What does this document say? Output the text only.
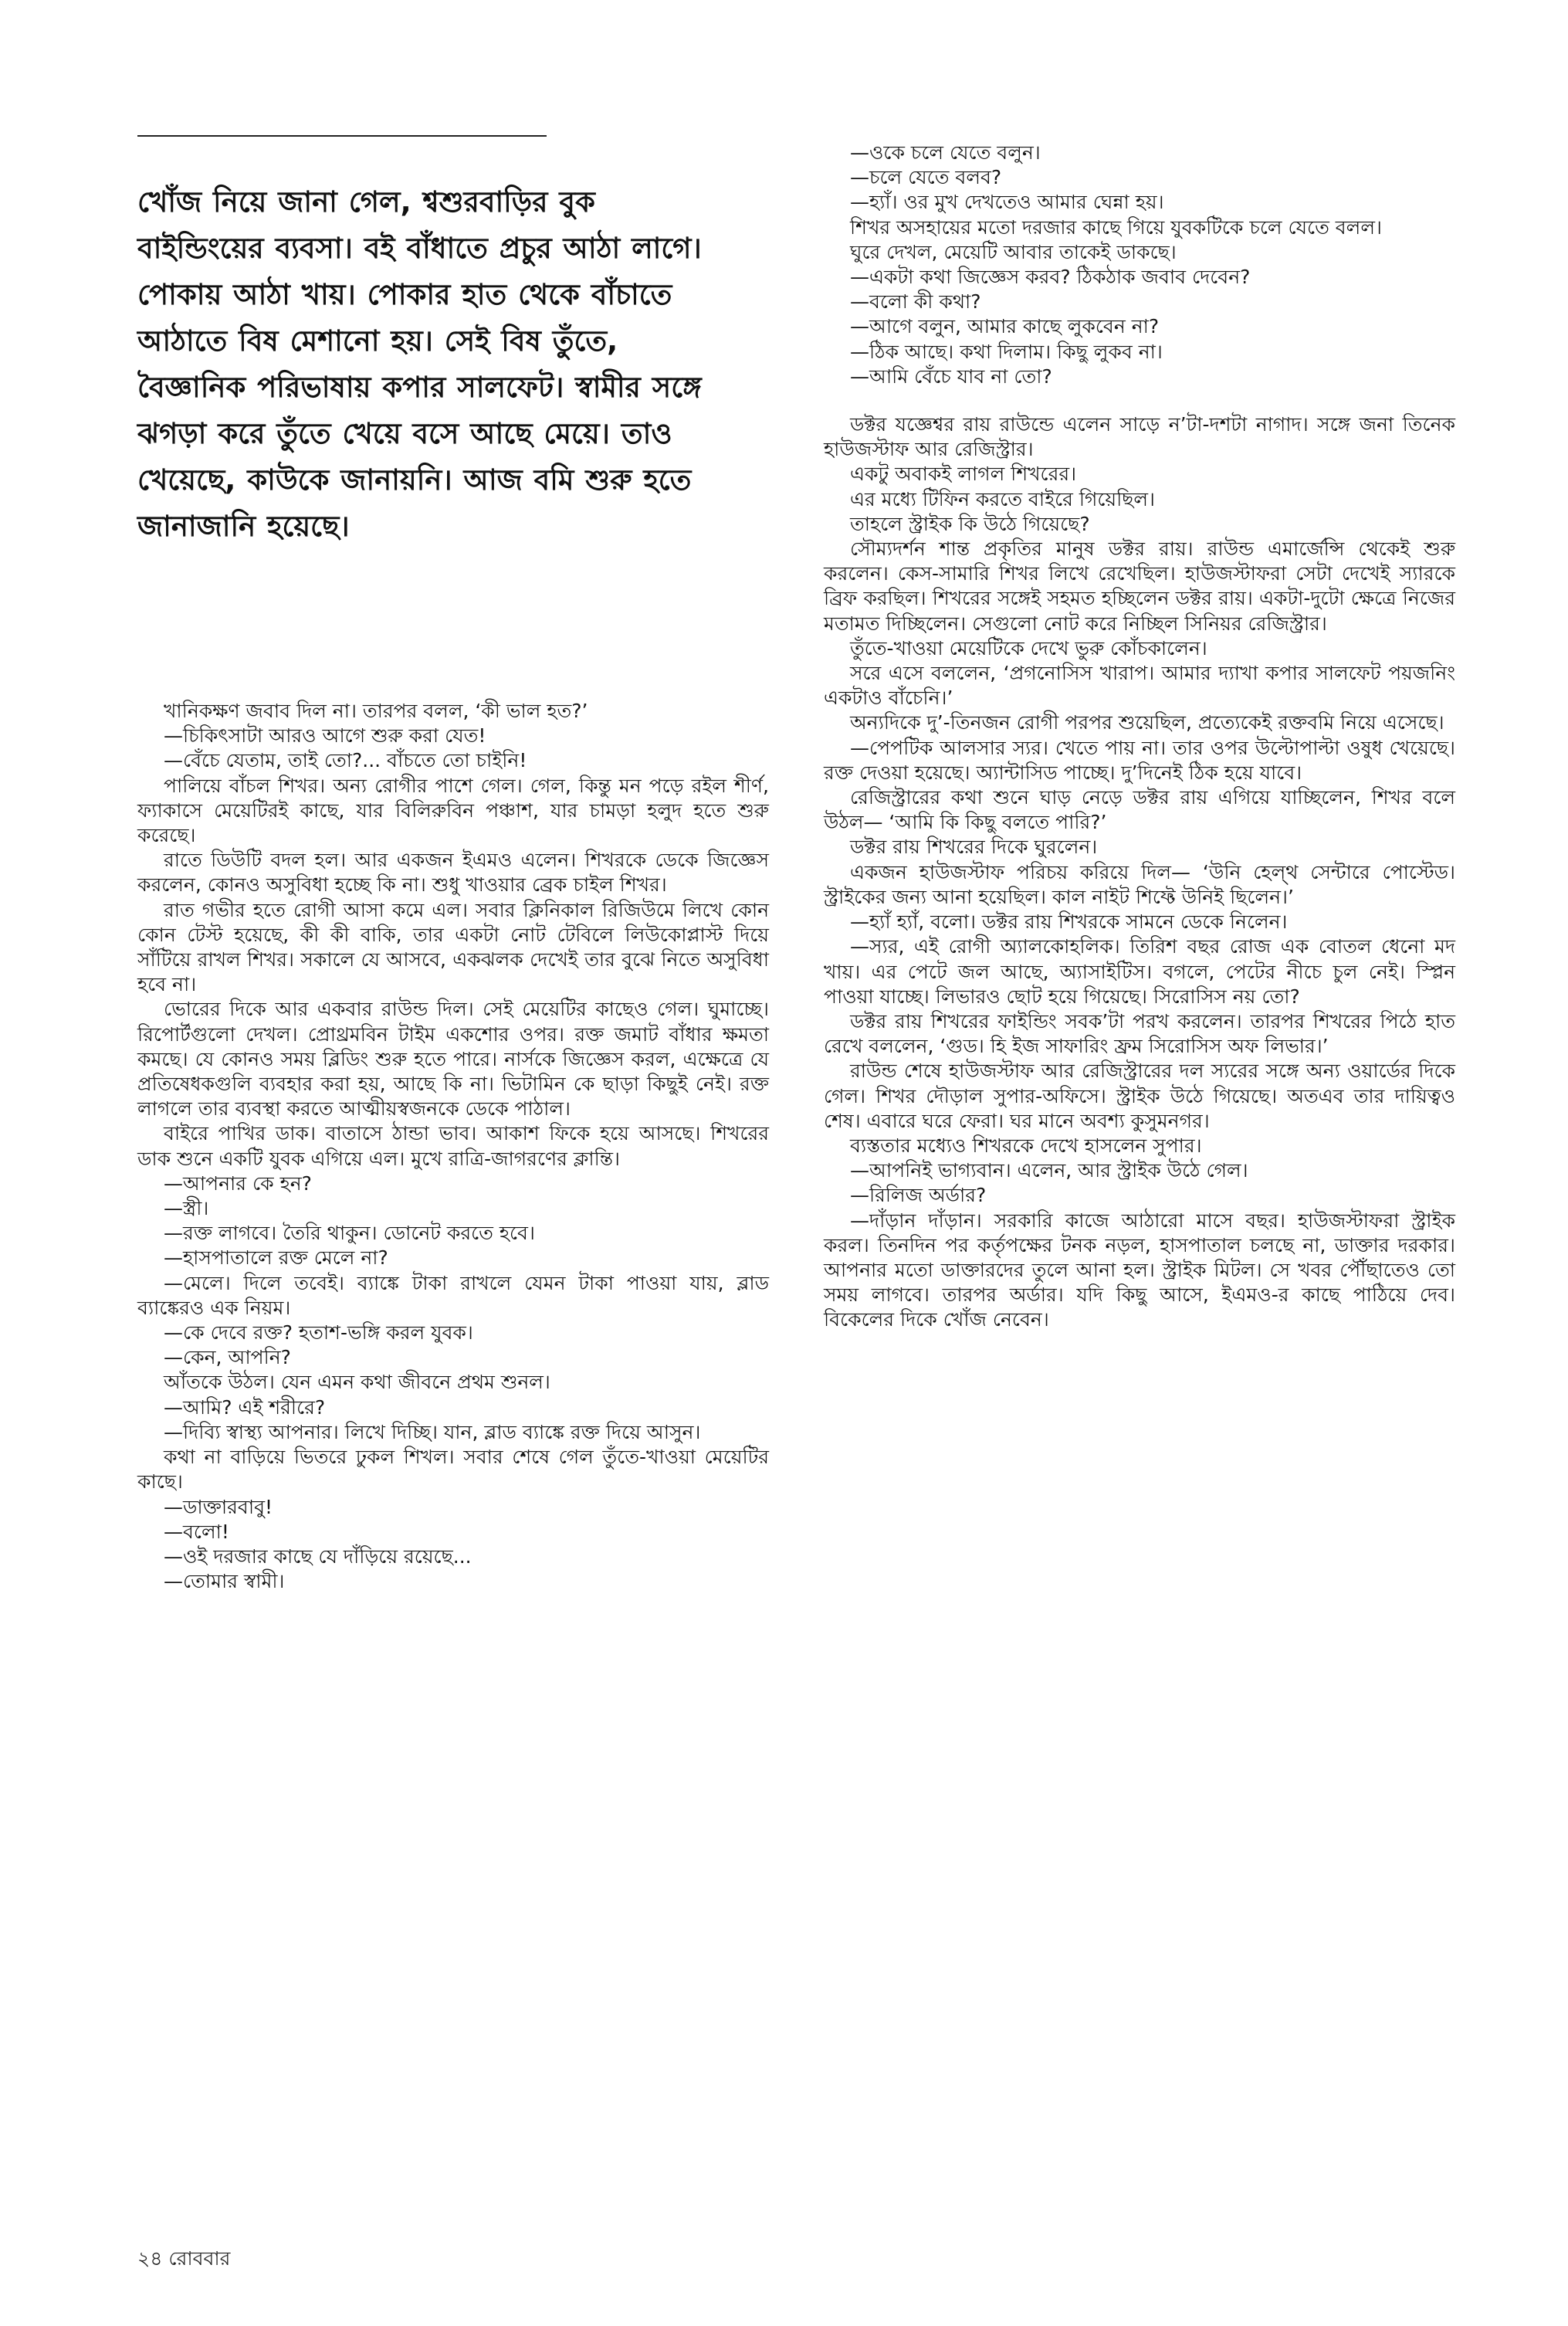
খোঁজ নিয়ে জানা গেল, শ্বশুরবাড়ির বুক বাইন্ডিংয়ের ব্যবসা। বই বাঁধাতে প্রচুর আঠা লাগে। পোকায় আঠা খায়। পোকার হাত থেকে বাঁচাতে আঠাতে বিষ মেশানো হয়। সেই বিষ তুঁতে, বৈজ্ঞানিক পরিভাষায় কপার সালফেট। স্বামীর সঙ্গে ঝগড়া করে তুঁতে খেয়ে বসে আছে মেয়ে। তাও খেয়েছে, কাউকে জানায়নি। আজ বমি শুরু হতে জানাজানি হয়েছে।

খানিকক্ষণ জবাব দিল না। তারপর বলল, ‘কী ভাল হত?’

—চিকিৎসাটা আরও আগে শুরু করা যেত!

—বেঁচে যেতাম, তাই তো?... বাঁচতে তো চাইনি!

পালিয়ে বাঁচল শিখর। অন্য রোগীর পাশে গেল। গেল, কিন্তু মন পড়ে রইল শীর্ণ, ফ্যাকাসে মেয়েটিরই কাছে, যার বিলিরুবিন পঞ্চাশ, যার চামড়া হলুদ হতে শুরু করেছে।

রাতে ডিউটি বদল হল। আর একজন ইএমও এলেন। শিখরকে ডেকে জিজ্ঞেস করলেন, কোনও অসুবিধা হচ্ছে কি না। শুধু খাওয়ার ব্রেক চাইল শিখর।

রাত গভীর হতে রোগী আসা কমে এল। সবার ক্লিনিকাল রিজিউমে লিখে কোন কোন টেস্ট হয়েছে, কী কী বাকি, তার একটা নোট টেবিলে লিউকোপ্লাস্ট দিয়ে সাঁটিয়ে রাখল শিখর। সকালে যে আসবে, একঝলক দেখেই তার বুঝে নিতে অসুবিধা হবে না।

ভোরের দিকে আর একবার রাউন্ড দিল। সেই মেয়েটির কাছেও গেল। ঘুমাচ্ছে। রিপোর্টগুলো দেখল। প্রোথ্রমবিন টাইম একশোর ওপর। রক্ত জমাট বাঁধার ক্ষমতা কমছে। যে কোনও সময় ব্লিডিং শুরু হতে পারে। নার্সকে জিজ্ঞেস করল, এক্ষেত্রে যে প্রতিষেধকগুলি ব্যবহার করা হয়, আছে কি না। ভিটামিন কে ছাড়া কিছুই নেই। রক্ত লাগলে তার ব্যবস্থা করতে আত্মীয়স্বজনকে ডেকে পাঠাল।

বাইরে পাখির ডাক। বাতাসে ঠান্ডা ভাব। আকাশ ফিকে হয়ে আসছে। শিখরের ডাক শুনে একটি যুবক এগিয়ে এল। মুখে রাত্রি-জাগরণের ক্লান্তি।

—আপনার কে হন?

—স্ত্রী।

—রক্ত লাগবে। তৈরি থাকুন। ডোনেট করতে হবে।

—হাসপাতালে রক্ত মেলে না?

—মেলে। দিলে তবেই। ব্যাঙ্কে টাকা রাখলে যেমন টাকা পাওয়া যায়, ব্লাড ব্যাঙ্কেরও এক নিয়ম।

—কে দেবে রক্ত? হতাশ-ভঙ্গি করল যুবক।

—কেন, আপনি?

আঁতকে উঠল। যেন এমন কথা জীবনে প্রথম শুনল।

—আমি? এই শরীরে?

—দিব্যি স্বাস্থ্য আপনার। লিখে দিচ্ছি। যান, ব্লাড ব্যাঙ্কে রক্ত দিয়ে আসুন।

কথা না বাড়িয়ে ভিতরে ঢুকল শিখল। সবার শেষে গেল তুঁতে-খাওয়া মেয়েটির কাছে।

—ডাক্তারবাবু!

—বলো!

—ওই দরজার কাছে যে দাঁড়িয়ে রয়েছে...

—তোমার স্বামী।

—ওকে চলে যেতে বলুন।

—চলে যেতে বলব?

—হ্যাঁ। ওর মুখ দেখতেও আমার ঘেন্না হয়।

শিখর অসহায়ের মতো দরজার কাছে গিয়ে যুবকটিকে চলে যেতে বলল।

ঘুরে দেখল, মেয়েটি আবার তাকেই ডাকছে।

—একটা কথা জিজ্ঞেস করব? ঠিকঠাক জবাব দেবেন?

—বলো কী কথা?

—আগে বলুন, আমার কাছে লুকবেন না?

—ঠিক আছে। কথা দিলাম। কিছু লুকব না।

—আমি বেঁচে যাব না তো?

ডক্টর যজ্ঞেশ্বর রায় রাউন্ডে এলেন সাড়ে ন’টা-দশটা নাগাদ। সঙ্গে জনা তিনেক হাউজস্টাফ আর রেজিস্ট্রার।

একটু অবাকই লাগল শিখরের।

এর মধ্যে টিফিন করতে বাইরে গিয়েছিল।

তাহলে স্ট্রাইক কি উঠে গিয়েছে?

সৌম্যদর্শন শান্ত প্রকৃতির মানুষ ডক্টর রায়। রাউন্ড এমার্জেন্সি থেকেই শুরু করলেন। কেস-সামারি শিখর লিখে রেখেছিল। হাউজস্টাফরা সেটা দেখেই স্যারকে ব্রিফ করছিল। শিখরের সঙ্গেই সহমত হচ্ছিলেন ডক্টর রায়। একটা-দুটো ক্ষেত্রে নিজের মতামত দিচ্ছিলেন। সেগুলো নোট করে নিচ্ছিল সিনিয়র রেজিস্ট্রার।

তুঁতে-খাওয়া মেয়েটিকে দেখে ভুরু কোঁচকালেন।

সরে এসে বললেন, ‘প্রগনোসিস খারাপ। আমার দ্যাখা কপার সালফেট পয়জনিং একটাও বাঁচেনি।’

অন্যদিকে দু’-তিনজন রোগী পরপর শুয়েছিল, প্রত্যেকেই রক্তবমি নিয়ে এসেছে।

—পেপটিক আলসার স্যর। খেতে পায় না। তার ওপর উল্টোপাল্টা ওষুধ খেয়েছে। রক্ত দেওয়া হয়েছে। অ্যান্টাসিড পাচ্ছে। দু’দিনেই ঠিক হয়ে যাবে।

রেজিস্ট্রারের কথা শুনে ঘাড় নেড়ে ডক্টর রায় এগিয়ে যাচ্ছিলেন, শিখর বলে উঠল— ‘আমি কি কিছু বলতে পারি?’

ডক্টর রায় শিখরের দিকে ঘুরলেন।

একজন হাউজস্টাফ পরিচয় করিয়ে দিল— ‘উনি হেল্থ সেন্টারে পোস্টেড। স্ট্রাইকের জন্য আনা হয়েছিল। কাল নাইট শিফ্টে উনিই ছিলেন।’

—হ্যাঁ হ্যাঁ, বলো। ডক্টর রায় শিখরকে সামনে ডেকে নিলেন।

—স্যর, এই রোগী অ্যালকোহলিক। তিরিশ বছর রোজ এক বোতল ধেনো মদ খায়। এর পেটে জল আছে, অ্যাসাইটিস। বগলে, পেটের নীচে চুল নেই। স্প্লিন পাওয়া যাচ্ছে। লিভারও ছোট হয়ে গিয়েছে। সিরোসিস নয় তো?

ডক্টর রায় শিখরের ফাইন্ডিং সবক’টা পরখ করলেন। তারপর শিখরের পিঠে হাত রেখে বললেন, ‘গুড। হি ইজ সাফারিং ফ্রম সিরোসিস অফ লিভার।’

রাউন্ড শেষে হাউজস্টাফ আর রেজিস্ট্রারের দল স্যরের সঙ্গে অন্য ওয়ার্ডের দিকে গেল। শিখর দৌড়াল সুপার-অফিসে। স্ট্রাইক উঠে গিয়েছে। অতএব তার দায়িত্বও শেষ। এবারে ঘরে ফেরা। ঘর মানে অবশ্য কুসুমনগর।

ব্যস্ততার মধ্যেও শিখরকে দেখে হাসলেন সুপার।

—আপনিই ভাগ্যবান। এলেন, আর স্ট্রাইক উঠে গেল।

—রিলিজ অর্ডার?

—দাঁড়ান দাঁড়ান। সরকারি কাজে আঠারো মাসে বছর। হাউজস্টাফরা স্ট্রাইক করল। তিনদিন পর কর্তৃপক্ষের টনক নড়ল, হাসপাতাল চলছে না, ডাক্তার দরকার। আপনার মতো ডাক্তারদের তুলে আনা হল। স্ট্রাইক মিটল। সে খবর পৌঁছাতেও তো সময় লাগবে। তারপর অর্ডার। যদি কিছু আসে, ইএমও-র কাছে পাঠিয়ে দেব। বিকেলের দিকে খোঁজ নেবেন।

২৪ রোববার
